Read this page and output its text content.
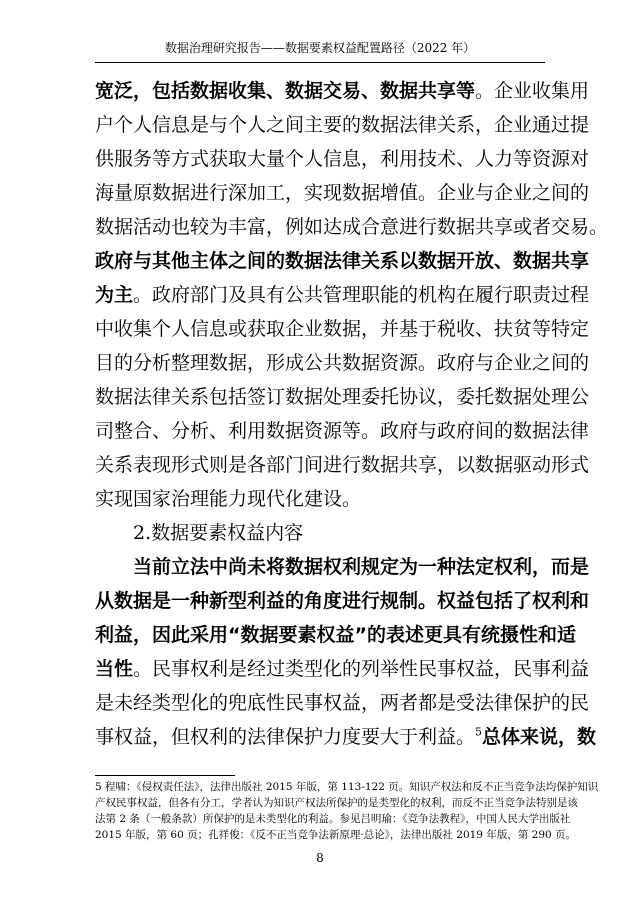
数据治理研究报告——数据要素权益配置路径（2022 年）
宽泛，包括数据收集、数据交易、数据共享等 。企业收集用
户个人信息是与个人之间主要的数据法律关系，企业通过提
供服务等方式获取大量个人信息，利用技术、人力等资源对
海量原数据进行深加工，实现数据增值。企业与企业之间的
数据活动也较为丰富，例如达成合意进行数据共享或者交易。
政府与其他主体之间的数据法律关系以数据开放、数据共享
为主 。政府部门及具有公共管理职能的机构在履行职责过程
中收集个人信息或获取企业数据，并基于税收、扶贫等特定
目的分析整理数据，形成公共数据资源。政府与企业之间的
数据法律关系包括签订数据处理委托协议，委托数据处理公
司整合、分析、利用数据资源等。政府与政府间的数据法律
关系表现形式则是各部门间进行数据共享，以数据驱动形式
实现国家治理能力现代化建设。
2.数据要素权益内容
当前立法中尚未将数据权利规定为一种法定权利，而是
从数据是一种新型利益的角度进行规制。权益包括了权利和
利益，因此采用“数据要素权益”的表述更具有统摄性和适
当性 。民事权利是经过类型化的列举性民事权益，民事利益
是未经类型化的兜底性民事权益，两者都是受法律保护的民
事权益，但权利的法律保护力度要大于利益。 $^5$总体来说，数
5 程啸：《侵权责任法》，法律出版社 2015 年版，第 113-122 页。知识产权法和反不正当竞争法均保护知识
产权民事权益，但各有分工，学者认为知识产权法所保护的是类型化的权利，而反不正当竞争法特别是该
法第 2 条（一般条款）所保护的是未类型化的利益。参见吕明瑜：《竞争法教程》，中国人民大学出版社
2015 年版，第 60 页；孔祥俊：《反不正当竞争法新原理·总论》，法律出版社 2019 年版，第 290 页。
8
